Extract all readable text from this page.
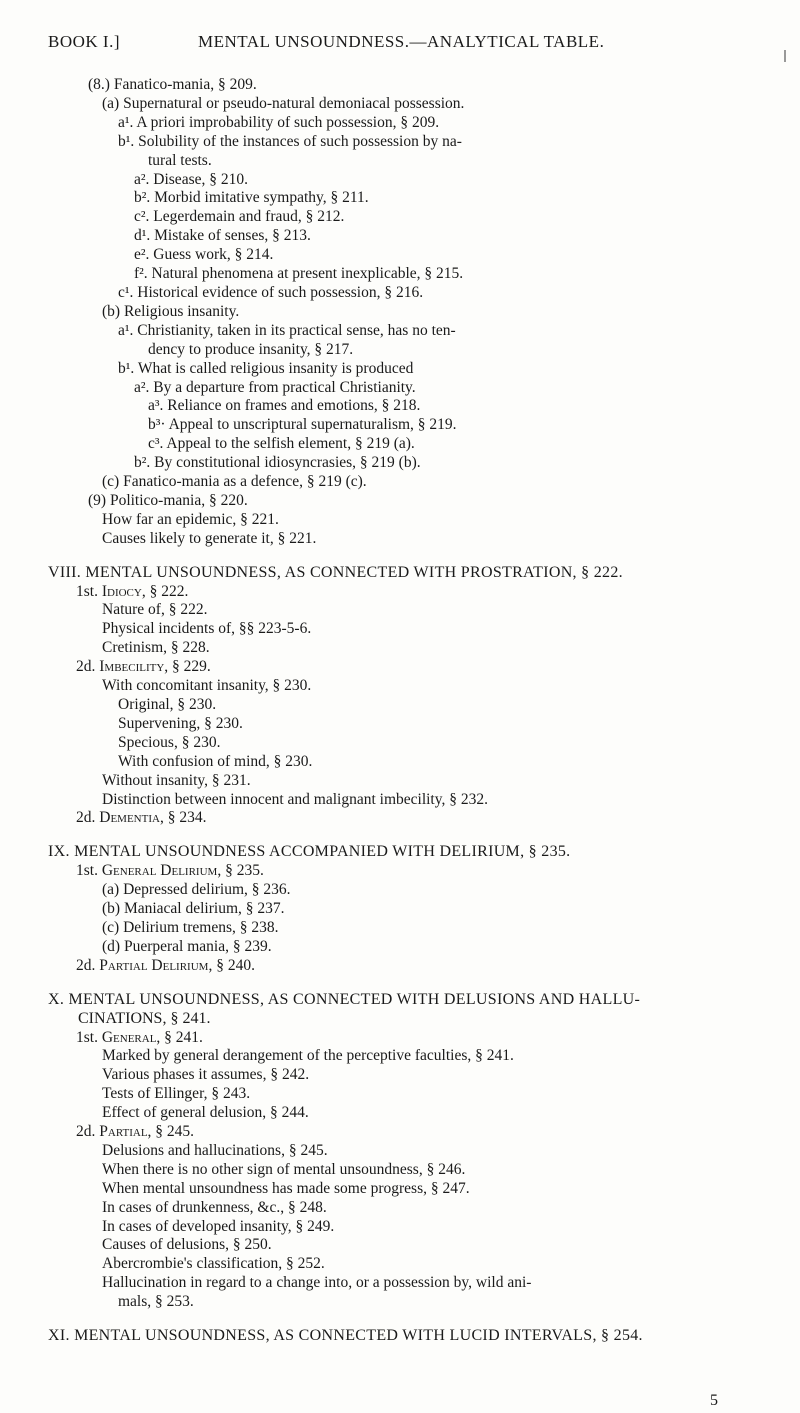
BOOK I.]	MENTAL UNSOUNDNESS.—ANALYTICAL TABLE.
(8.) Fanatico-mania, § 209.
(a) Supernatural or pseudo-natural demoniacal possession.
a¹. A priori improbability of such possession, § 209.
b¹. Solubility of the instances of such possession by na-
tural tests.
a². Disease, § 210.
b². Morbid imitative sympathy, § 211.
c². Legerdemain and fraud, § 212.
d¹. Mistake of senses, § 213.
e². Guess work, § 214.
f². Natural phenomena at present inexplicable, § 215.
c¹. Historical evidence of such possession, § 216.
(b) Religious insanity.
a¹. Christianity, taken in its practical sense, has no ten-
dency to produce insanity, § 217.
b¹. What is called religious insanity is produced
a². By a departure from practical Christianity.
a³. Reliance on frames and emotions, § 218.
b³· Appeal to unscriptural supernaturalism, § 219.
c³. Appeal to the selfish element, § 219 (a).
b². By constitutional idiosyncrasies, § 219 (b).
(c) Fanatico-mania as a defence, § 219 (c).
(9) Politico-mania, § 220.
How far an epidemic, § 221.
Causes likely to generate it, § 221.
VIII. MENTAL UNSOUNDNESS, AS CONNECTED WITH PROSTRATION, § 222.
1st. Idiocy, § 222.
Nature of, § 222.
Physical incidents of, §§ 223-5-6.
Cretinism, § 228.
2d. Imbecility, § 229.
With concomitant insanity, § 230.
Original, § 230.
Supervening, § 230.
Specious, § 230.
With confusion of mind, § 230.
Without insanity, § 231.
Distinction between innocent and malignant imbecility, § 232.
2d. Dementia, § 234.
IX. MENTAL UNSOUNDNESS ACCOMPANIED WITH DELIRIUM, § 235.
1st. General Delirium, § 235.
(a) Depressed delirium, § 236.
(b) Maniacal delirium, § 237.
(c) Delirium tremens, § 238.
(d) Puerperal mania, § 239.
2d. Partial Delirium, § 240.
X. MENTAL UNSOUNDNESS, AS CONNECTED WITH DELUSIONS AND HALLU-
CINATIONS, § 241.
1st. General, § 241.
Marked by general derangement of the perceptive faculties, § 241.
Various phases it assumes, § 242.
Tests of Ellinger, § 243.
Effect of general delusion, § 244.
2d. Partial, § 245.
Delusions and hallucinations, § 245.
When there is no other sign of mental unsoundness, § 246.
When mental unsoundness has made some progress, § 247.
In cases of drunkenness, &c., § 248.
In cases of developed insanity, § 249.
Causes of delusions, § 250.
Abercrombie's classification, § 252.
Hallucination in regard to a change into, or a possession by, wild ani-
mals, § 253.
XI. MENTAL UNSOUNDNESS, AS CONNECTED WITH LUCID INTERVALS, § 254.
5
